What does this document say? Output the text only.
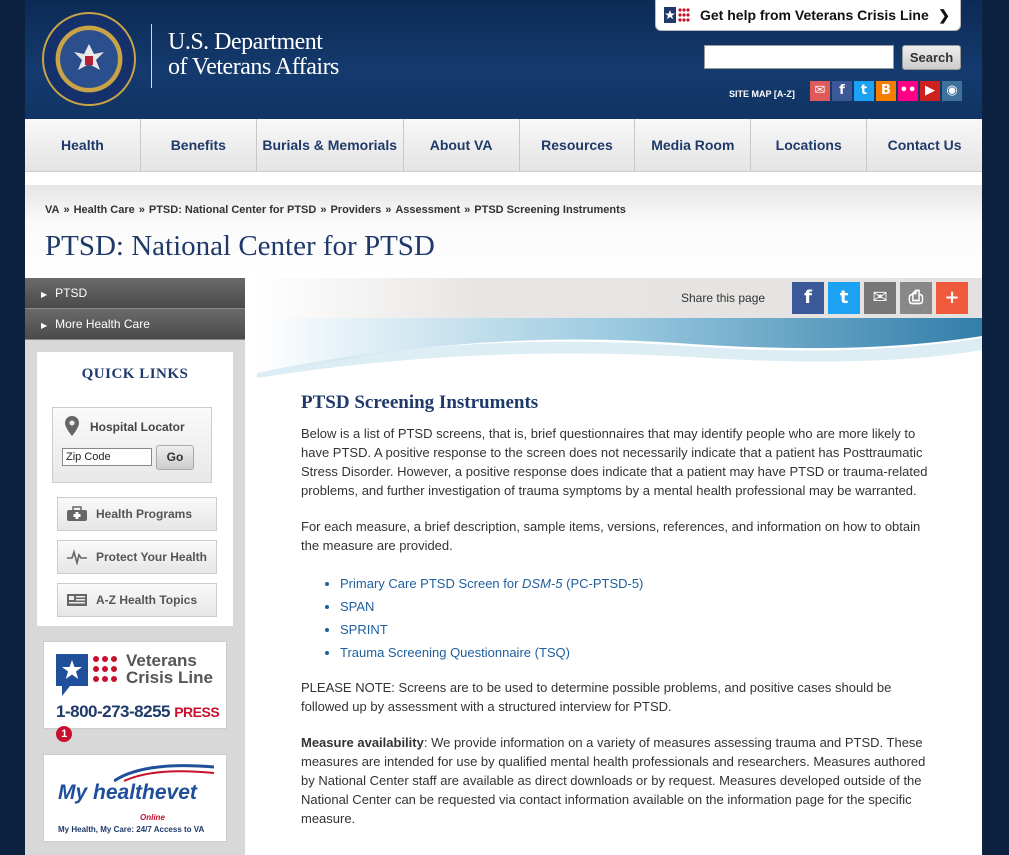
U.S. Department
of Veterans Affairs
Get help from Veterans Crisis Line ❯
Search
SITE MAP [A-Z]	✉	f	t	B •• ▶ ◉
Health	Benefits	Burials & Memorials	About VA	Resources	Media Room	Locations	Contact Us
VA » Health Care » PTSD: National Center for PTSD » Providers » Assessment » PTSD Screening Instruments
PTSD: National Center for PTSD
▶ PTSD
▶ More Health Care
QUICK LINKS
Hospital Locator
Zip Code	Go
Health Programs
Protect Your Health
A-Z Health Topics
Veterans
Crisis Line
1-800-273-8255 PRESS 1
My healthevet
Online
My Health, My Care: 24/7 Access to VA
Share this page	f	t	✉	⎙	+
PTSD Screening Instruments

Below is a list of PTSD screens, that is, brief questionnaires that may identify people who are more likely to have PTSD. A positive response to the screen does not necessarily indicate that a patient has Posttraumatic Stress Disorder. However, a positive response does indicate that a patient may have PTSD or trauma-related problems, and further investigation of trauma symptoms by a mental health professional may be warranted.

For each measure, a brief description, sample items, versions, references, and information on how to obtain the measure are provided.

• Primary Care PTSD Screen for DSM-5 (PC-PTSD-5)
• SPAN
• SPRINT
• Trauma Screening Questionnaire (TSQ)

PLEASE NOTE: Screens are to be used to determine possible problems, and positive cases should be followed up by assessment with a structured interview for PTSD.

Measure availability: We provide information on a variety of measures assessing trauma and PTSD. These measures are intended for use by qualified mental health professionals and researchers. Measures authored by National Center staff are available as direct downloads or by request. Measures developed outside of the National Center can be requested via contact information available on the information page for the specific measure.
